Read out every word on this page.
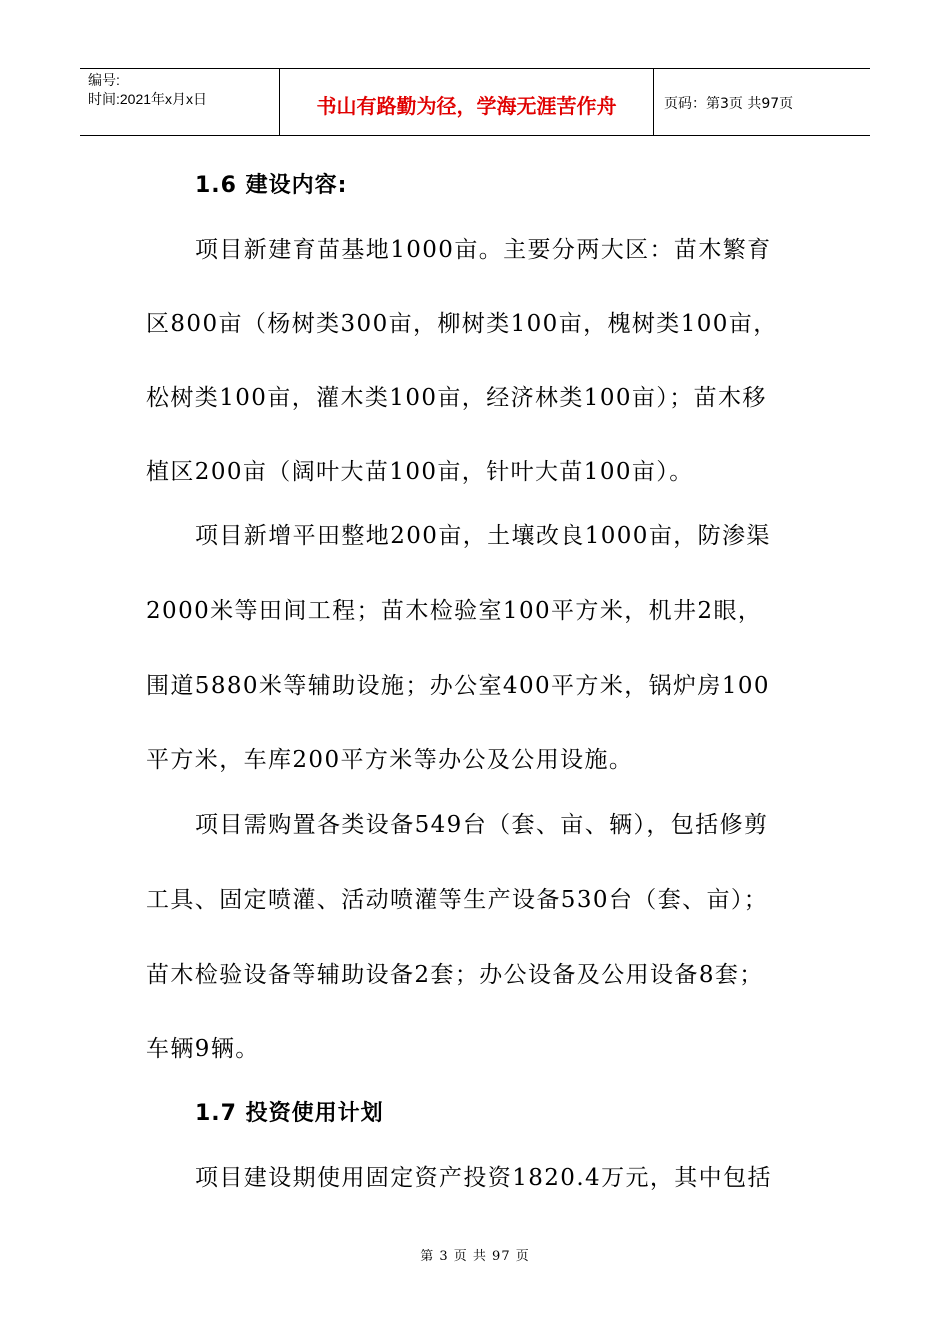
编号:
时间:2021年x月x日	书山有路勤为径，学海无涯苦作舟	页码：第3页 共97页
1.6 建设内容:
项目新建育苗基地1000亩。主要分两大区：苗木繁育
区800亩（杨树类300亩，柳树类100亩，槐树类100亩，
松树类100亩，灌木类100亩，经济林类100亩）；苗木移
植区200亩（阔叶大苗100亩，针叶大苗100亩）。
项目新增平田整地200亩，土壤改良1000亩，防渗渠
2000米等田间工程；苗木检验室100平方米，机井2眼，
围道5880米等辅助设施；办公室400平方米，锅炉房100
平方米，车库200平方米等办公及公用设施。
项目需购置各类设备549台（套、亩、辆），包括修剪
工具、固定喷灌、活动喷灌等生产设备530台（套、亩）；
苗木检验设备等辅助设备2套；办公设备及公用设备8套；
车辆9辆。
1.7 投资使用计划
项目建设期使用固定资产投资1820.4万元，其中包括
第 3 页 共 97 页
